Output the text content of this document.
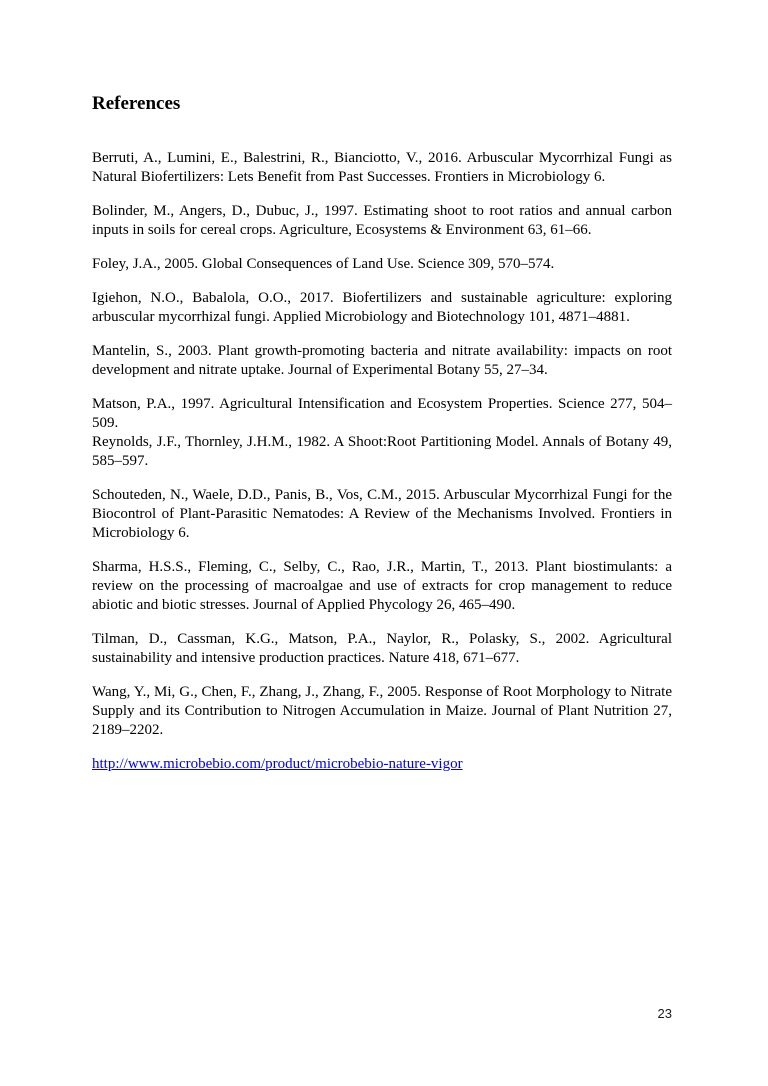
References

Berruti, A., Lumini, E., Balestrini, R., Bianciotto, V., 2016. Arbuscular Mycorrhizal Fungi as Natural Biofertilizers: Lets Benefit from Past Successes. Frontiers in Microbiology 6.

Bolinder, M., Angers, D., Dubuc, J., 1997. Estimating shoot to root ratios and annual carbon inputs in soils for cereal crops. Agriculture, Ecosystems & Environment 63, 61–66.

Foley, J.A., 2005. Global Consequences of Land Use. Science 309, 570–574.

Igiehon, N.O., Babalola, O.O., 2017. Biofertilizers and sustainable agriculture: exploring arbuscular mycorrhizal fungi. Applied Microbiology and Biotechnology 101, 4871–4881.

Mantelin, S., 2003. Plant growth-promoting bacteria and nitrate availability: impacts on root development and nitrate uptake. Journal of Experimental Botany 55, 27–34.

Matson, P.A., 1997. Agricultural Intensification and Ecosystem Properties. Science 277, 504–509.

Reynolds, J.F., Thornley, J.H.M., 1982. A Shoot:Root Partitioning Model. Annals of Botany 49, 585–597.

Schouteden, N., Waele, D.D., Panis, B., Vos, C.M., 2015. Arbuscular Mycorrhizal Fungi for the Biocontrol of Plant-Parasitic Nematodes: A Review of the Mechanisms Involved. Frontiers in Microbiology 6.

Sharma, H.S.S., Fleming, C., Selby, C., Rao, J.R., Martin, T., 2013. Plant biostimulants: a review on the processing of macroalgae and use of extracts for crop management to reduce abiotic and biotic stresses. Journal of Applied Phycology 26, 465–490.

Tilman, D., Cassman, K.G., Matson, P.A., Naylor, R., Polasky, S., 2002. Agricultural sustainability and intensive production practices. Nature 418, 671–677.

Wang, Y., Mi, G., Chen, F., Zhang, J., Zhang, F., 2005. Response of Root Morphology to Nitrate Supply and its Contribution to Nitrogen Accumulation in Maize. Journal of Plant Nutrition 27, 2189–2202.

http://www.microbebio.com/product/microbebio-nature-vigor

23
